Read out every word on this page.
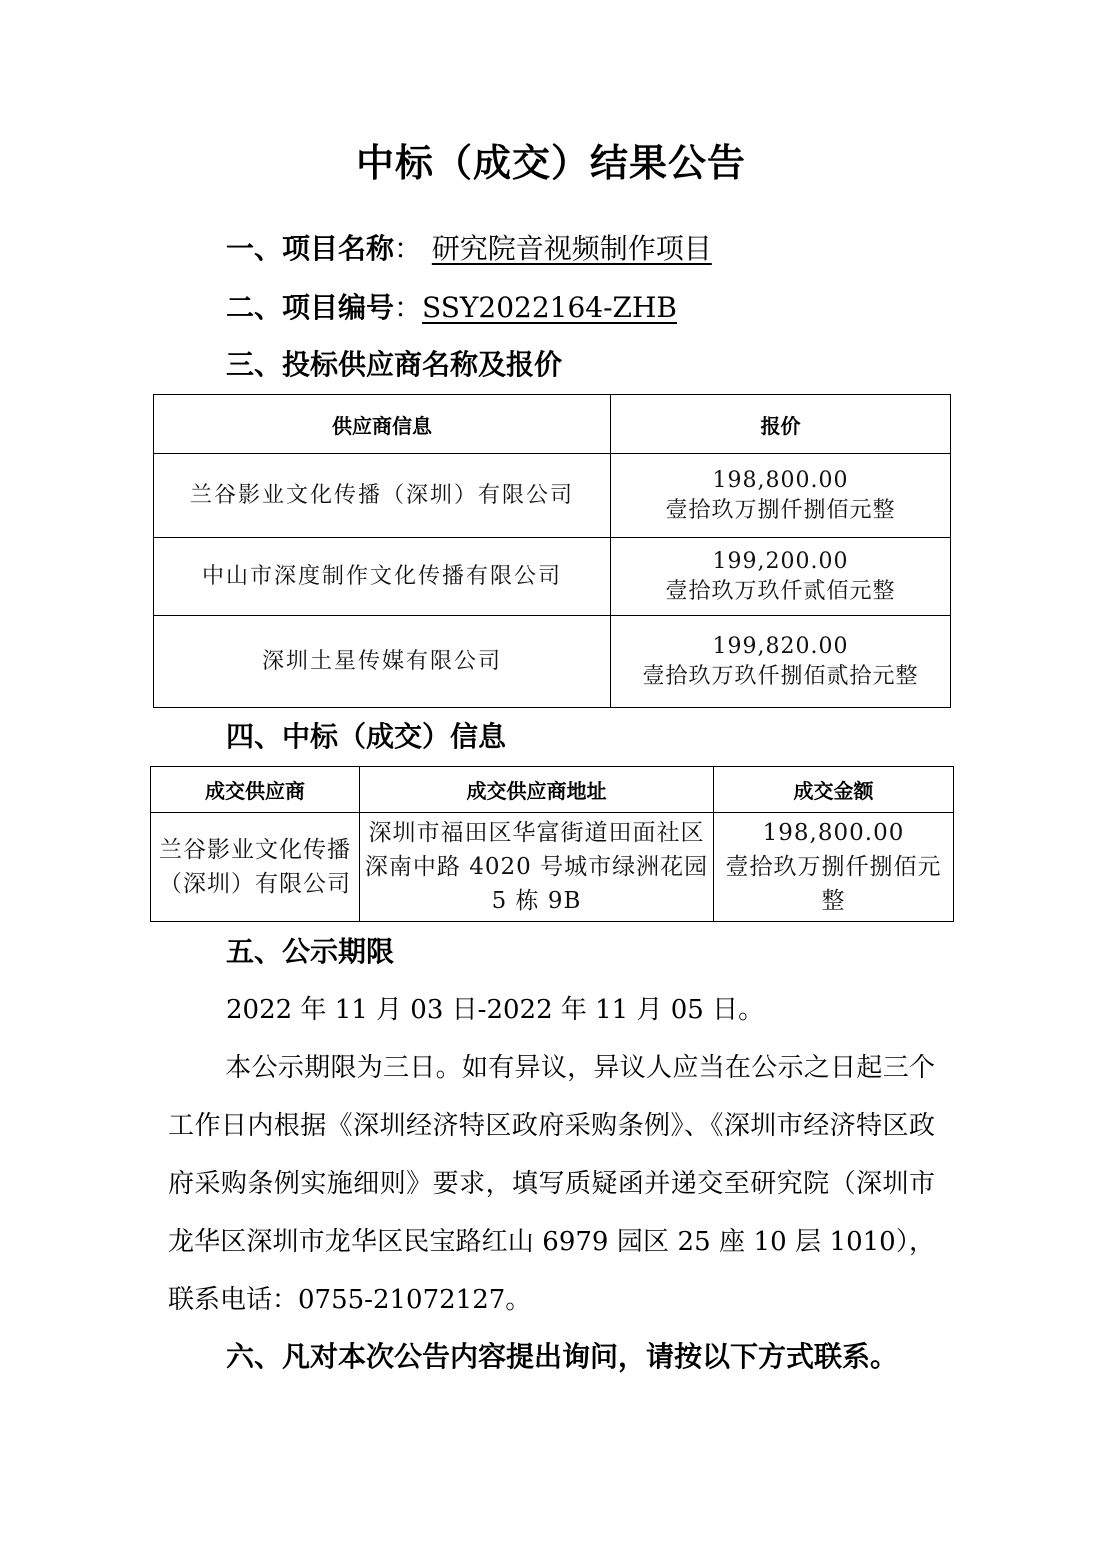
中标（成交）结果公告
一、项目名称： 研究院音视频制作项目
二、项目编号：SSY2022164-ZHB
三、投标供应商名称及报价
供应商信息	报价
兰谷影业文化传播（深圳）有限公司	198,800.00
壹拾玖万捌仟捌佰元整

中山市深度制作文化传播有限公司	199,200.00
壹拾玖万玖仟贰佰元整

深圳土星传媒有限公司	199,820.00
壹拾玖万玖仟捌佰贰拾元整
四、中标（成交）信息
成交供应商	成交供应商地址	成交金额
兰谷影业文化传播（深圳）有限公司	深圳市福田区华富街道田面社区深南中路 4020 号城市绿洲花园 5 栋 9B	198,800.00
壹拾玖万捌仟捌佰元整
五、公示期限
2022 年 11 月 03 日-2022 年 11 月 05 日。
本公示期限为三日。如有异议，异议人应当在公示之日起三个工作日内根据《深圳经济特区政府采购条例》、《深圳市经济特区政府采购条例实施细则》要求，填写质疑函并递交至研究院（深圳市龙华区深圳市龙华区民宝路红山 6979 园区 25 座 10 层 1010），联系电话：0755-21072127。
六、凡对本次公告内容提出询问，请按以下方式联系。
